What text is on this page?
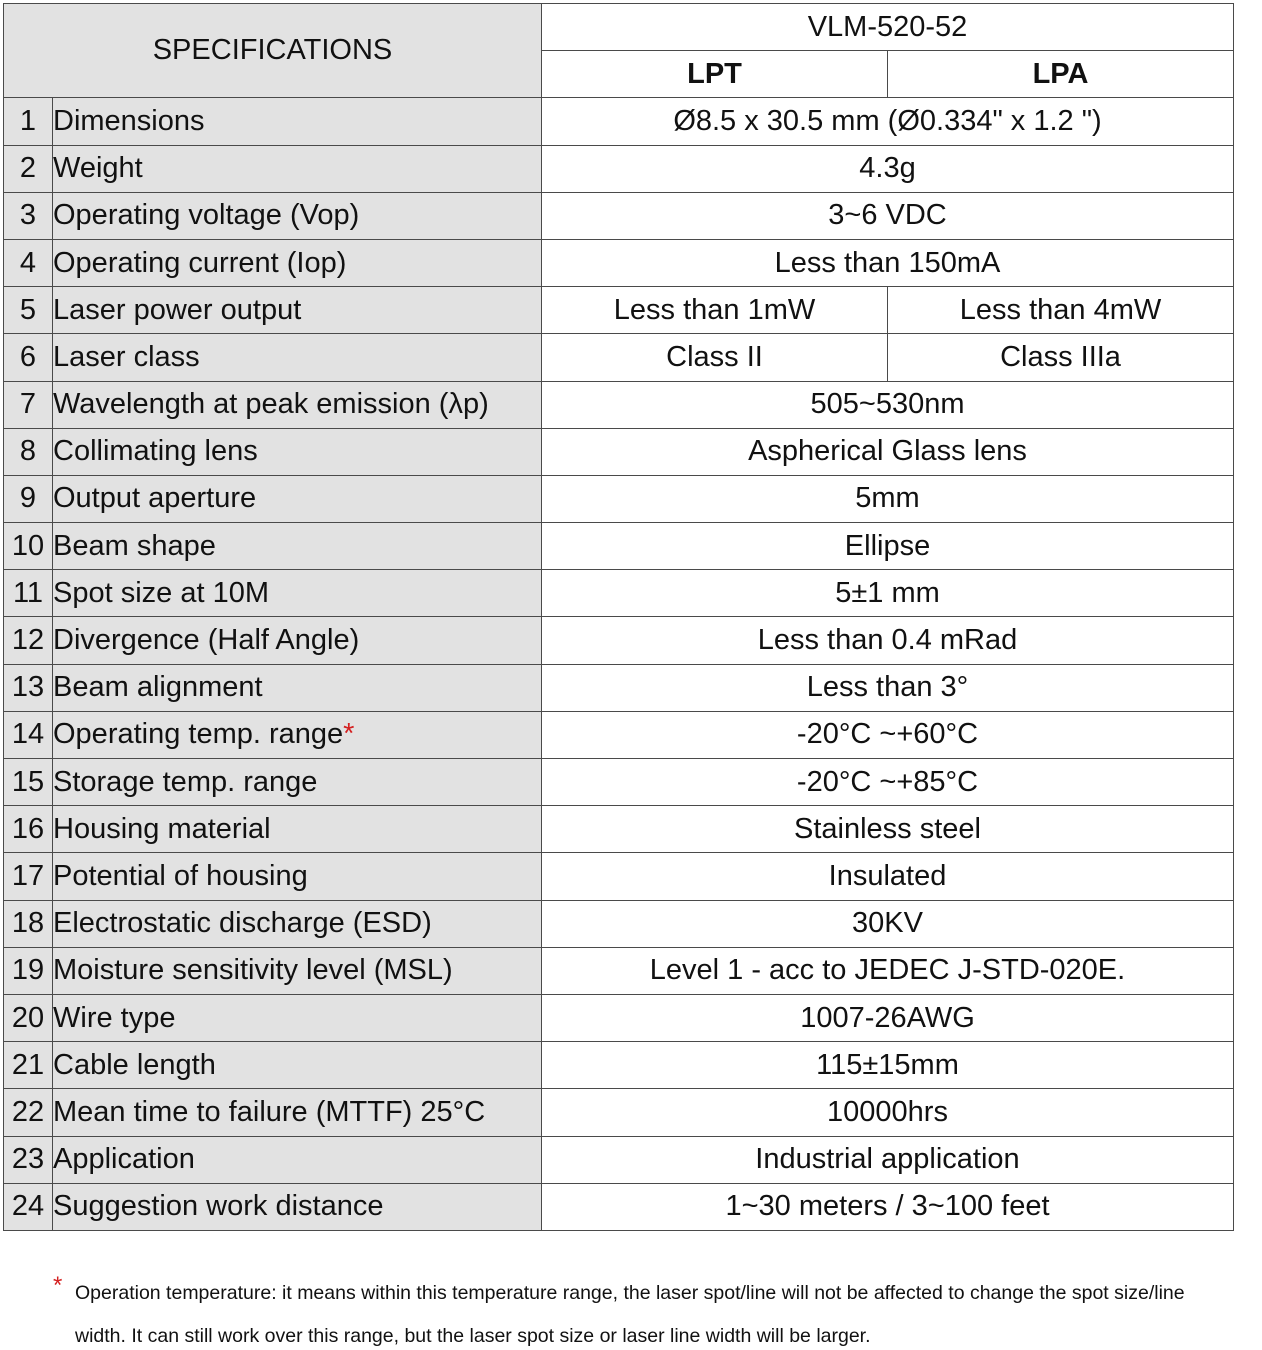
SPECIFICATIONS		VLM-520-52	
		LPT	LPA
1	Dimensions	Ø8.5 x 30.5 mm (Ø0.334" x 1.2 ")	
2	Weight	4.3g	
3	Operating voltage (Vop)	3~6 VDC	
4	Operating current (Iop)	Less than 150mA	
5	Laser power output	Less than 1mW	Less than 4mW
6	Laser class	Class II	Class IIIa
7	Wavelength at peak emission (λp)	505~530nm	
8	Collimating lens	Aspherical Glass lens	
9	Output aperture	5mm	
10	Beam shape	Ellipse	
11	Spot size at 10M	5±1 mm	
12	Divergence (Half Angle)	Less than 0.4 mRad	
13	Beam alignment	Less than 3°	
14	Operating temp. range*	-20°C ~+60°C	
15	Storage temp. range	-20°C ~+85°C	
16	Housing material	Stainless steel	
17	Potential of housing	Insulated	
18	Electrostatic discharge (ESD)	30KV	
19	Moisture sensitivity level (MSL)	Level 1 - acc to JEDEC J-STD-020E.	
20	Wire type	1007-26AWG	
21	Cable length	115±15mm	
22	Mean time to failure (MTTF) 25°C	10000hrs	
23	Application	Industrial application	
24	Suggestion work distance	1~30 meters / 3~100 feet	
* Operation temperature: it means within this temperature range, the laser spot/line will not be affected to change the spot size/line
width. It can still work over this range, but the laser spot size or laser line width will be larger.
